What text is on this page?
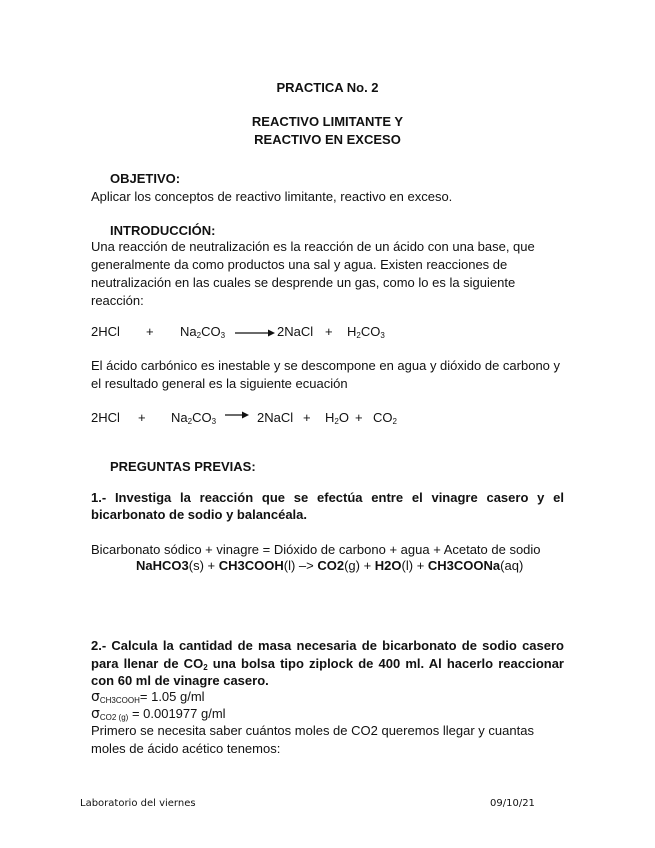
PRACTICA No. 2
REACTIVO LIMITANTE Y
REACTIVO EN EXCESO
OBJETIVO:
Aplicar los conceptos de reactivo limitante, reactivo en exceso.
INTRODUCCIÓN:
Una reacción de neutralización es la reacción de un ácido con una base, que
generalmente da como productos una sal y agua. Existen reacciones de
neutralización en las cuales se desprende un gas, como lo es la siguiente
reacción:
$2HCl + Na_2CO_3$	2NaCl + $H_2CO_3$
El ácido carbónico es inestable y se descompone en agua y dióxido de carbono y
el resultado general es la siguiente ecuación
$2HCl + Na_2CO_3$	2NaCl + $H_2O + CO_2$
PREGUNTAS PREVIAS:
1.- Investiga la reacción que se efectúa entre el vinagre casero y el
bicarbonato de sodio y balancéala.
Bicarbonato sódico + vinagre = Dióxido de carbono + agua + Acetato de sodio
NaHCO3(s) + CH3COOH(l) –> CO2(g) + H2O(l) + CH3COONa(aq)
2.- Calcula la cantidad de masa necesaria de bicarbonato de sodio casero
para llenar de $CO_2$ una bolsa tipo ziplock de 400 ml. Al hacerlo reaccionar
con 60 ml de vinagre casero.
$\sigma_{CH3COOH}= 1.05$ g/ml
$\sigma_{CO2 (g)} = 0.001977$ g/ml
Primero se necesita saber cuántos moles de CO2 queremos llegar y cuantas
moles de ácido acético tenemos:
Laboratorio del viernes	09/10/21
